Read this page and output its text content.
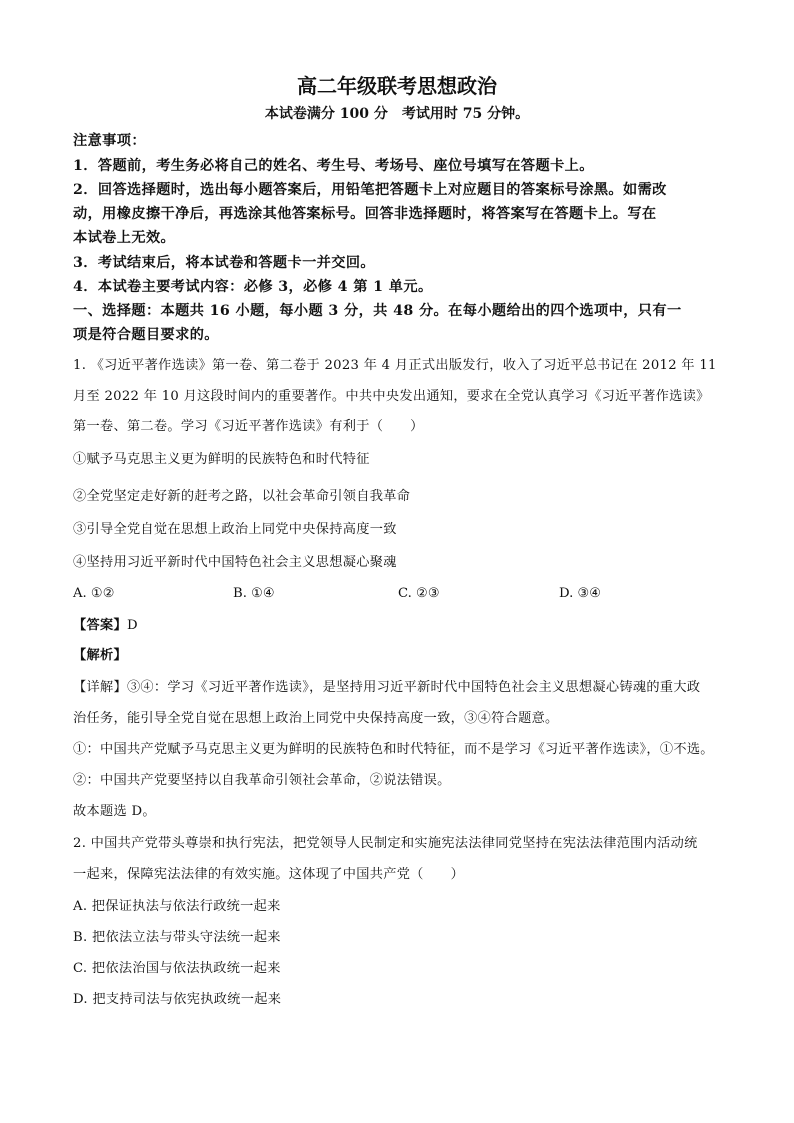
高二年级联考思想政治
本试卷满分 100 分　考试用时 75 分钟。
注意事项：
1．答题前，考生务必将自己的姓名、考生号、考场号、座位号填写在答题卡上。
2．回答选择题时，选出每小题答案后，用铅笔把答题卡上对应题目的答案标号涂黑。如需改
动，用橡皮擦干净后，再选涂其他答案标号。回答非选择题时，将答案写在答题卡上。写在
本试卷上无效。
3．考试结束后，将本试卷和答题卡一并交回。
4．本试卷主要考试内容：必修 3，必修 4 第 1 单元。
一、选择题：本题共 16 小题，每小题 3 分，共 48 分。在每小题给出的四个选项中，只有一
项是符合题目要求的。
1. 《习近平著作选读》第一卷、第二卷于 2023 年 4 月正式出版发行，收入了习近平总书记在 2012 年 11
月至 2022 年 10 月这段时间内的重要著作。中共中央发出通知，要求在全党认真学习《习近平著作选读》
第一卷、第二卷。学习《习近平著作选读》有利于（　　）
①赋予马克思主义更为鲜明的民族特色和时代特征
②全党坚定走好新的赶考之路，以社会革命引领自我革命
③引导全党自觉在思想上政治上同党中央保持高度一致
④坚持用习近平新时代中国特色社会主义思想凝心聚魂
A. ①②	B. ①④	C. ②③	D. ③④
【答案】D
【解析】
【详解】③④：学习《习近平著作选读》，是坚持用习近平新时代中国特色社会主义思想凝心铸魂的重大政
治任务，能引导全党自觉在思想上政治上同党中央保持高度一致，③④符合题意。
①：中国共产党赋予马克思主义更为鲜明的民族特色和时代特征，而不是学习《习近平著作选读》，①不选。
②：中国共产党要坚持以自我革命引领社会革命，②说法错误。
故本题选 D。
2. 中国共产党带头尊崇和执行宪法，把党领导人民制定和实施宪法法律同党坚持在宪法法律范围内活动统
一起来，保障宪法法律的有效实施。这体现了中国共产党（　　）
A. 把保证执法与依法行政统一起来
B. 把依法立法与带头守法统一起来
C. 把依法治国与依法执政统一起来
D. 把支持司法与依宪执政统一起来
